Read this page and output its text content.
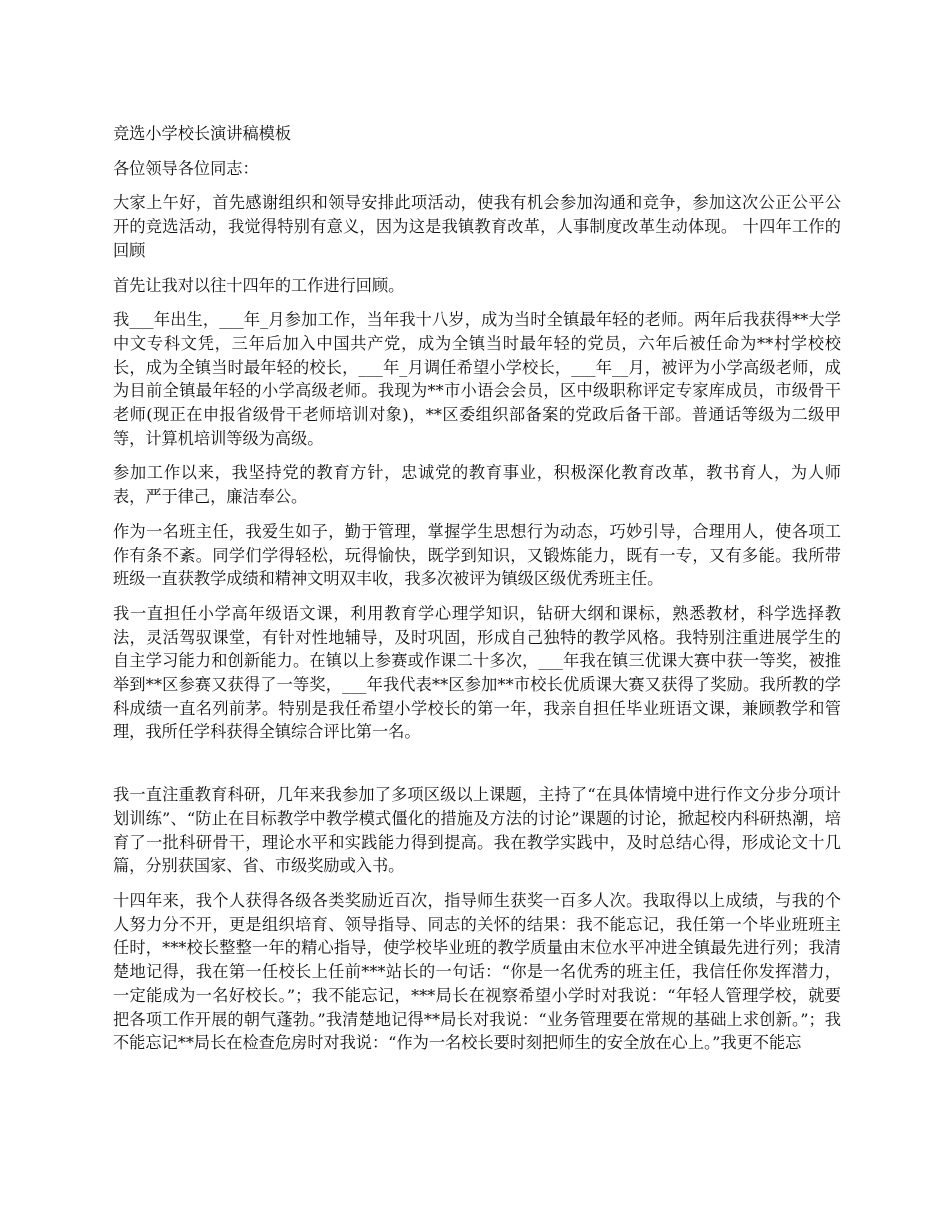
竞选小学校长演讲稿模板

各位领导各位同志：

大家上午好，首先感谢组织和领导安排此项活动，使我有机会参加沟通和竞争，参加这次公正公平公开的竞选活动，我觉得特别有意义，因为这是我镇教育改革，人事制度改革生动体现。 十四年工作的回顾

首先让我对以往十四年的工作进行回顾。

我___年出生，___年_月参加工作，当年我十八岁，成为当时全镇最年轻的老师。两年后我获得**大学中文专科文凭，三年后加入中国共产党，成为全镇当时最年轻的党员，六年后被任命为**村学校校长，成为全镇当时最年轻的校长，___年_月调任希望小学校长，___年__月，被评为小学高级老师，成为目前全镇最年轻的小学高级老师。我现为**市小语会会员，区中级职称评定专家库成员，市级骨干老师(现正在申报省级骨干老师培训对象)，**区委组织部备案的党政后备干部。普通话等级为二级甲等，计算机培训等级为高级。

参加工作以来，我坚持党的教育方针，忠诚党的教育事业，积极深化教育改革，教书育人，为人师表，严于律己，廉洁奉公。

作为一名班主任，我爱生如子，勤于管理，掌握学生思想行为动态，巧妙引导，合理用人，使各项工作有条不紊。同学们学得轻松，玩得愉快，既学到知识，又锻炼能力，既有一专，又有多能。我所带班级一直获教学成绩和精神文明双丰收，我多次被评为镇级区级优秀班主任。

我一直担任小学高年级语文课，利用教育学心理学知识，钻研大纲和课标，熟悉教材，科学选择教法，灵活驾驭课堂，有针对性地辅导，及时巩固，形成自己独特的教学风格。我特别注重进展学生的自主学习能力和创新能力。在镇以上参赛或作课二十多次，___年我在镇三优课大赛中获一等奖，被推举到**区参赛又获得了一等奖，___年我代表**区参加**市校长优质课大赛又获得了奖励。我所教的学科成绩一直名列前茅。特别是我任希望小学校长的第一年，我亲自担任毕业班语文课，兼顾教学和管理，我所任学科获得全镇综合评比第一名。

我一直注重教育科研，几年来我参加了多项区级以上课题，主持了“在具体情境中进行作文分步分项计划训练”、“防止在目标教学中教学模式僵化的措施及方法的讨论”课题的讨论，掀起校内科研热潮，培育了一批科研骨干，理论水平和实践能力得到提高。我在教学实践中，及时总结心得，形成论文十几篇，分别获国家、省、市级奖励或入书。

十四年来，我个人获得各级各类奖励近百次，指导师生获奖一百多人次。我取得以上成绩，与我的个人努力分不开，更是组织培育、领导指导、同志的关怀的结果：我不能忘记，我任第一个毕业班班主任时，***校长整整一年的精心指导，使学校毕业班的教学质量由末位水平冲进全镇最先进行列；我清楚地记得，我在第一任校长上任前***站长的一句话：“你是一名优秀的班主任，我信任你发挥潜力，一定能成为一名好校长。”；我不能忘记，***局长在视察希望小学时对我说：“年轻人管理学校，就要把各项工作开展的朝气蓬勃。”我清楚地记得**局长对我说：“业务管理要在常规的基础上求创新。”；我不能忘记**局长在检查危房时对我说：“作为一名校长要时刻把师生的安全放在心上。”我更不能忘
